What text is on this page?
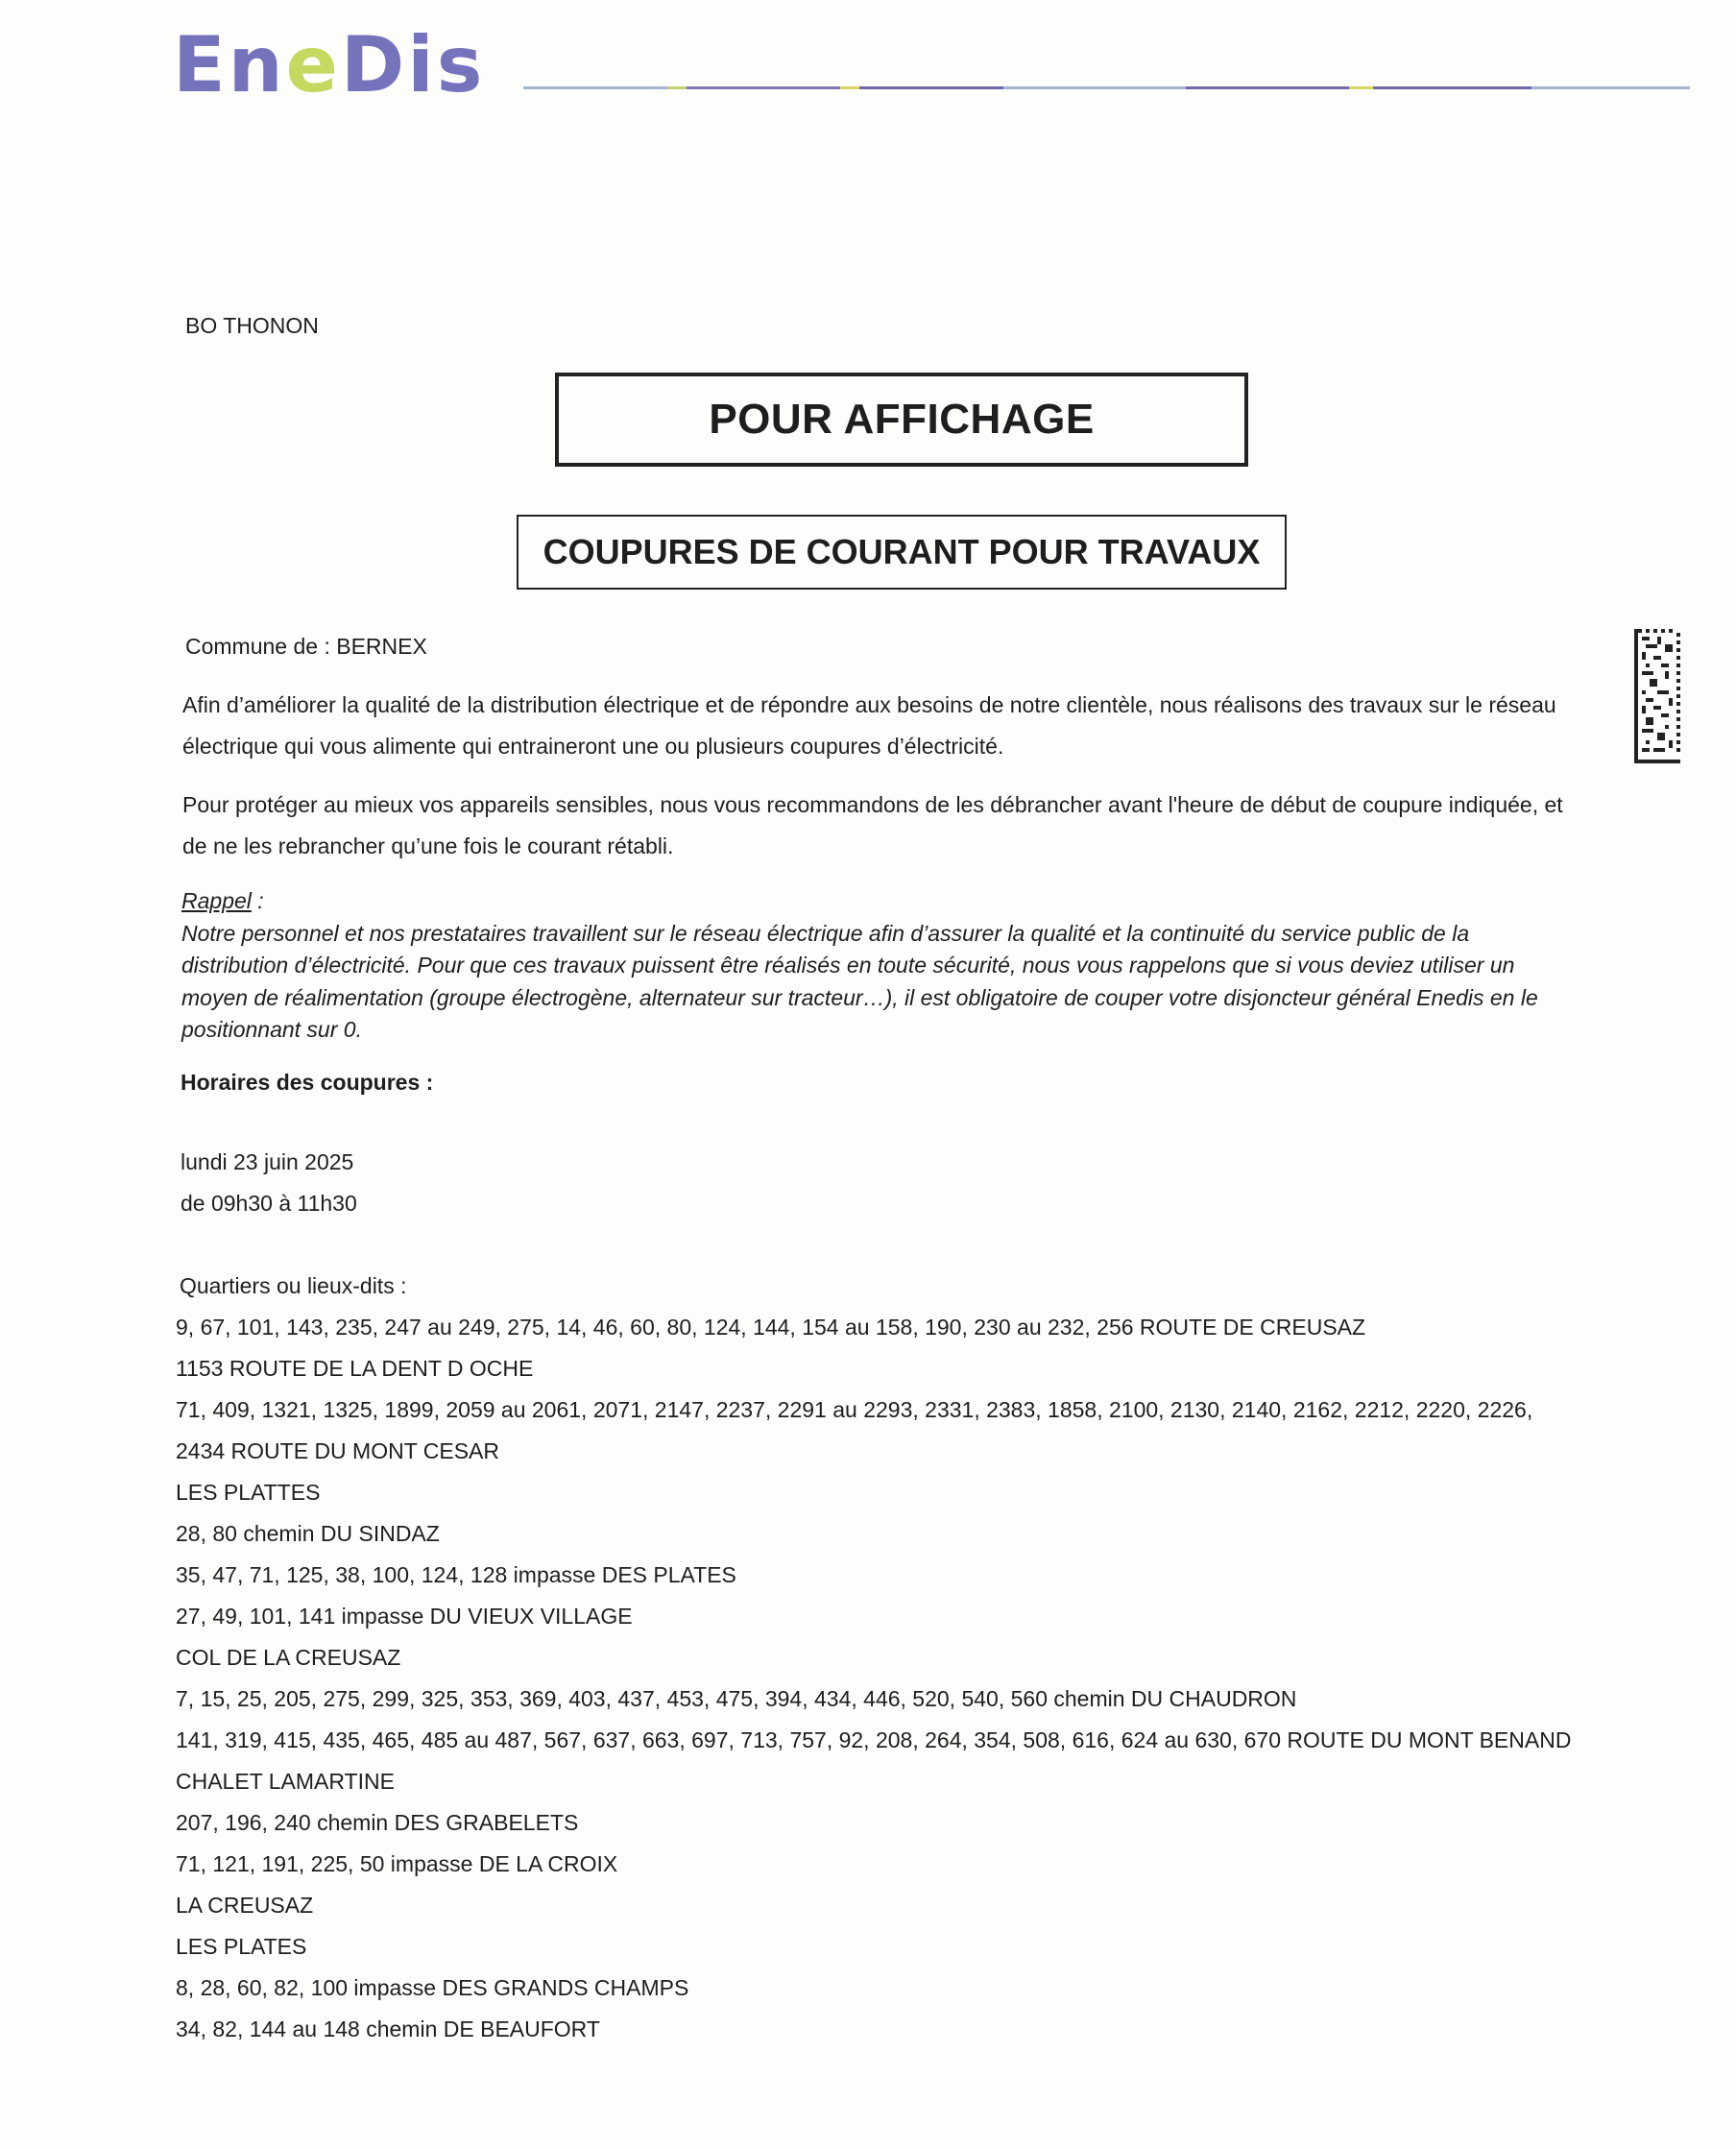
EneDis
BO THONON
POUR AFFICHAGE
COUPURES DE COURANT POUR TRAVAUX
Commune de : BERNEX
Afin d’améliorer la qualité de la distribution électrique et de répondre aux besoins de notre clientèle, nous réalisons des travaux sur le réseau électrique qui vous alimente qui entraineront une ou plusieurs coupures d’électricité.
Pour protéger au mieux vos appareils sensibles, nous vous recommandons de les débrancher avant l'heure de début de coupure indiquée, et de ne les rebrancher qu’une fois le courant rétabli.
Rappel :
Notre personnel et nos prestataires travaillent sur le réseau électrique afin d’assurer la qualité et la continuité du service public de la distribution d’électricité. Pour que ces travaux puissent être réalisés en toute sécurité, nous vous rappelons que si vous deviez utiliser un moyen de réalimentation (groupe électrogène, alternateur sur tracteur…), il est obligatoire de couper votre disjoncteur général Enedis en le positionnant sur 0.
Horaires des coupures :
lundi 23 juin 2025
de 09h30 à 11h30
Quartiers ou lieux-dits :
9, 67, 101, 143, 235, 247 au 249, 275, 14, 46, 60, 80, 124, 144, 154 au 158, 190, 230 au 232, 256 ROUTE DE CREUSAZ
1153 ROUTE DE LA DENT D OCHE
71, 409, 1321, 1325, 1899, 2059 au 2061, 2071, 2147, 2237, 2291 au 2293, 2331, 2383, 1858, 2100, 2130, 2140, 2162, 2212, 2220, 2226, 2434 ROUTE DU MONT CESAR
LES PLATTES
28, 80 chemin DU SINDAZ
35, 47, 71, 125, 38, 100, 124, 128 impasse DES PLATES
27, 49, 101, 141 impasse DU VIEUX VILLAGE
COL DE LA CREUSAZ
7, 15, 25, 205, 275, 299, 325, 353, 369, 403, 437, 453, 475, 394, 434, 446, 520, 540, 560 chemin DU CHAUDRON
141, 319, 415, 435, 465, 485 au 487, 567, 637, 663, 697, 713, 757, 92, 208, 264, 354, 508, 616, 624 au 630, 670 ROUTE DU MONT BENAND
CHALET LAMARTINE
207, 196, 240 chemin DES GRABELETS
71, 121, 191, 225, 50 impasse DE LA CROIX
LA CREUSAZ
LES PLATES
8, 28, 60, 82, 100 impasse DES GRANDS CHAMPS
34, 82, 144 au 148 chemin DE BEAUFORT
